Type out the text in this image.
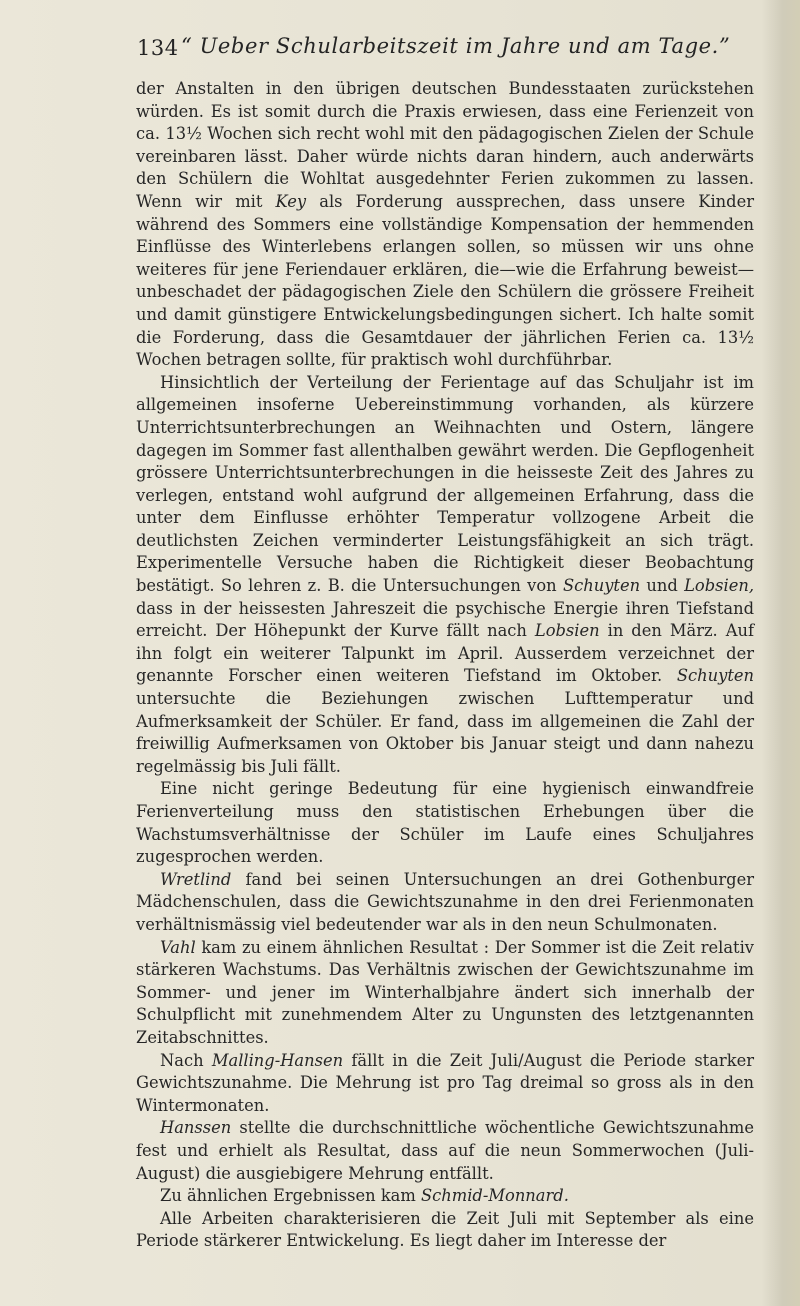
134 “ Ueber Schularbeitszeit im Jahre und am Tage.”

der Anstalten in den übrigen deutschen Bundesstaaten zurückstehen würden. Es ist somit durch die Praxis erwiesen, dass eine Ferienzeit von ca. 13½ Wochen sich recht wohl mit den pädagogischen Zielen der Schule vereinbaren lässt. Daher würde nichts daran hindern, auch anderwärts den Schülern die Wohltat ausgedehnter Ferien zukommen zu lassen. Wenn wir mit Key als Forderung aussprechen, dass unsere Kinder während des Sommers eine vollständige Kompensation der hemmenden Einflüsse des Winterlebens erlangen sollen, so müssen wir uns ohne weiteres für jene Feriendauer erklären, die—wie die Erfahrung beweist—unbeschadet der pädagogischen Ziele den Schülern die grössere Freiheit und damit günstigere Entwickelungsbedingungen sichert. Ich halte somit die Forderung, dass die Gesamtdauer der jährlichen Ferien ca. 13½ Wochen betragen sollte, für praktisch wohl durchführbar.

Hinsichtlich der Verteilung der Ferientage auf das Schuljahr ist im allgemeinen insoferne Uebereinstimmung vorhanden, als kürzere Unterrichtsunterbrechungen an Weihnachten und Ostern, längere dagegen im Sommer fast allenthalben gewährt werden. Die Gepflogenheit grössere Unterrichtsunterbrechungen in die heisseste Zeit des Jahres zu verlegen, entstand wohl aufgrund der allgemeinen Erfahrung, dass die unter dem Einflusse erhöhter Temperatur vollzogene Arbeit die deutlichsten Zeichen verminderter Leistungsfähigkeit an sich trägt. Experimentelle Versuche haben die Richtigkeit dieser Beobachtung bestätigt. So lehren z. B. die Untersuchungen von Schuyten und Lobsien, dass in der heissesten Jahreszeit die psychische Energie ihren Tiefstand erreicht. Der Höhepunkt der Kurve fällt nach Lobsien in den März. Auf ihn folgt ein weiterer Talpunkt im April. Ausserdem verzeichnet der genannte Forscher einen weiteren Tiefstand im Oktober. Schuyten untersuchte die Beziehungen zwischen Lufttemperatur und Aufmerksamkeit der Schüler. Er fand, dass im allgemeinen die Zahl der freiwillig Aufmerksamen von Oktober bis Januar steigt und dann nahezu regelmässig bis Juli fällt.

Eine nicht geringe Bedeutung für eine hygienisch einwandfreie Ferienverteilung muss den statistischen Erhebungen über die Wachstumsverhältnisse der Schüler im Laufe eines Schuljahres zugesprochen werden.

Wretlind fand bei seinen Untersuchungen an drei Gothenburger Mädchenschulen, dass die Gewichtszunahme in den drei Ferienmonaten verhältnismässig viel bedeutender war als in den neun Schulmonaten.

Vahl kam zu einem ähnlichen Resultat : Der Sommer ist die Zeit relativ stärkeren Wachstums. Das Verhältnis zwischen der Gewichtszunahme im Sommer- und jener im Winterhalbjahre ändert sich innerhalb der Schulpflicht mit zunehmendem Alter zu Ungunsten des letztgenannten Zeitabschnittes.

Nach Malling-Hansen fällt in die Zeit Juli/August die Periode starker Gewichtszunahme. Die Mehrung ist pro Tag dreimal so gross als in den Wintermonaten.

Hanssen stellte die durchschnittliche wöchentliche Gewichtszunahme fest und erhielt als Resultat, dass auf die neun Sommerwochen (Juli-August) die ausgiebigere Mehrung entfällt.

Zu ähnlichen Ergebnissen kam Schmid-Monnard.

Alle Arbeiten charakterisieren die Zeit Juli mit September als eine Periode stärkerer Entwickelung. Es liegt daher im Interesse der
